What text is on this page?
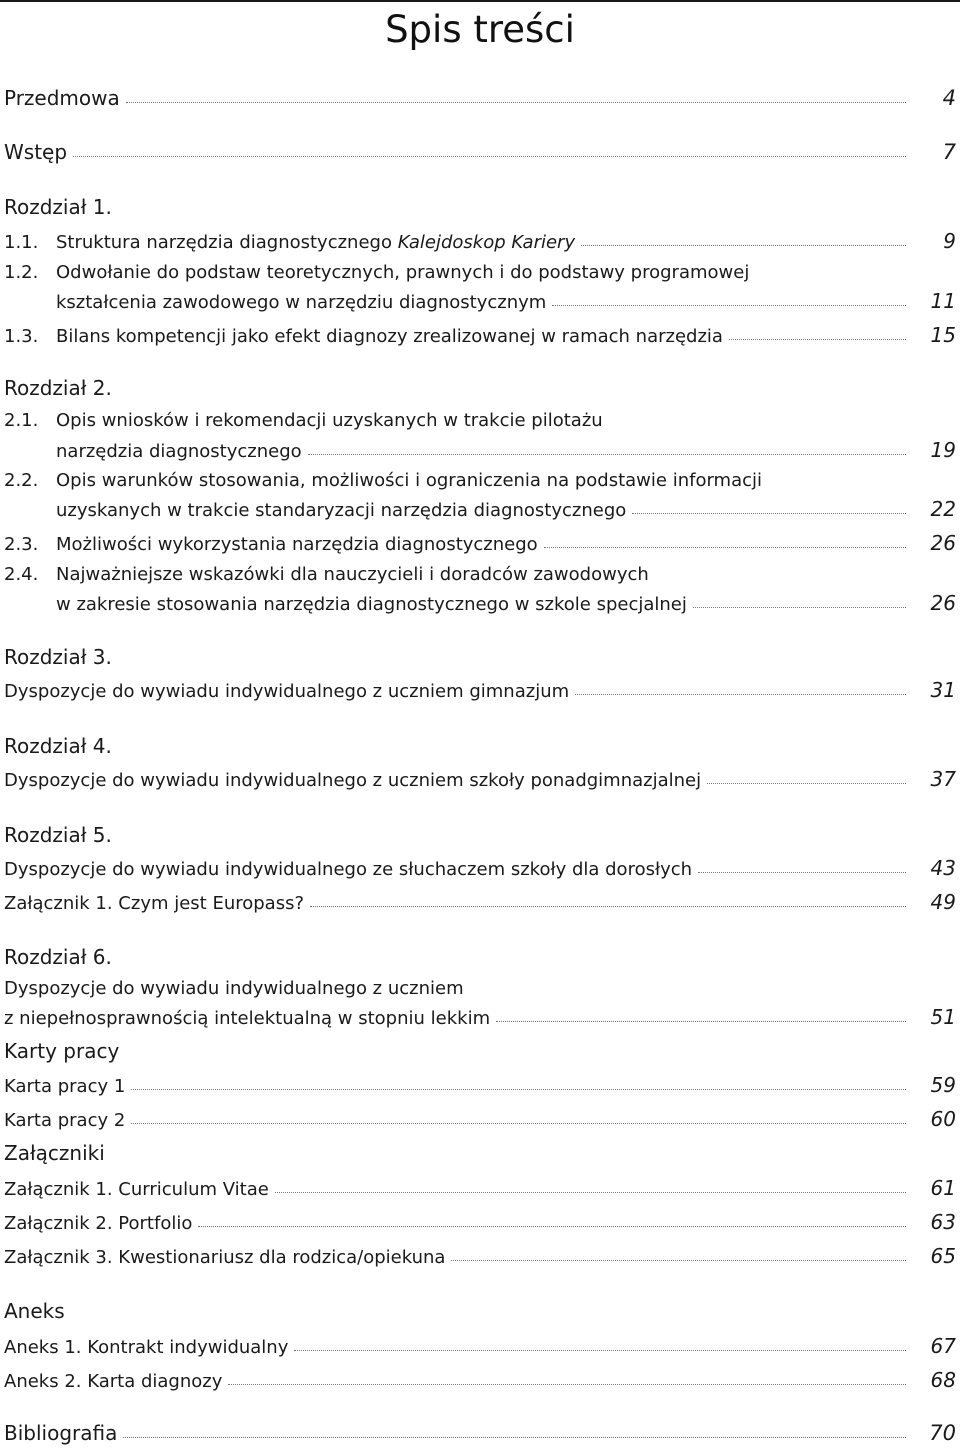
Spis treści
Przedmowa	4
Wstęp	7
Rozdział 1.
1.1. Struktura narzędzia diagnostycznego Kalejdoskop Kariery	9
1.2. Odwołanie do podstaw teoretycznych, prawnych i do podstawy programowej
kształcenia zawodowego w narzędziu diagnostycznym	11
1.3. Bilans kompetencji jako efekt diagnozy zrealizowanej w ramach narzędzia	15
Rozdział 2.
2.1. Opis wniosków i rekomendacji uzyskanych w trakcie pilotażu
narzędzia diagnostycznego	19
2.2. Opis warunków stosowania, możliwości i ograniczenia na podstawie informacji
uzyskanych w trakcie standaryzacji narzędzia diagnostycznego	22
2.3. Możliwości wykorzystania narzędzia diagnostycznego	26
2.4. Najważniejsze wskazówki dla nauczycieli i doradców zawodowych
w zakresie stosowania narzędzia diagnostycznego w szkole specjalnej	26
Rozdział 3.
Dyspozycje do wywiadu indywidualnego z uczniem gimnazjum	31
Rozdział 4.
Dyspozycje do wywiadu indywidualnego z uczniem szkoły ponadgimnazjalnej	37
Rozdział 5.
Dyspozycje do wywiadu indywidualnego ze słuchaczem szkoły dla dorosłych	43
Załącznik 1. Czym jest Europass?	49
Rozdział 6.
Dyspozycje do wywiadu indywidualnego z uczniem
z niepełnosprawnością intelektualną w stopniu lekkim	51
Karty pracy
Karta pracy 1	59
Karta pracy 2	60
Załączniki
Załącznik 1. Curriculum Vitae	61
Załącznik 2. Portfolio	63
Załącznik 3. Kwestionariusz dla rodzica/opiekuna	65
Aneks
Aneks 1. Kontrakt indywidualny	67
Aneks 2. Karta diagnozy	68
Bibliografia	70
